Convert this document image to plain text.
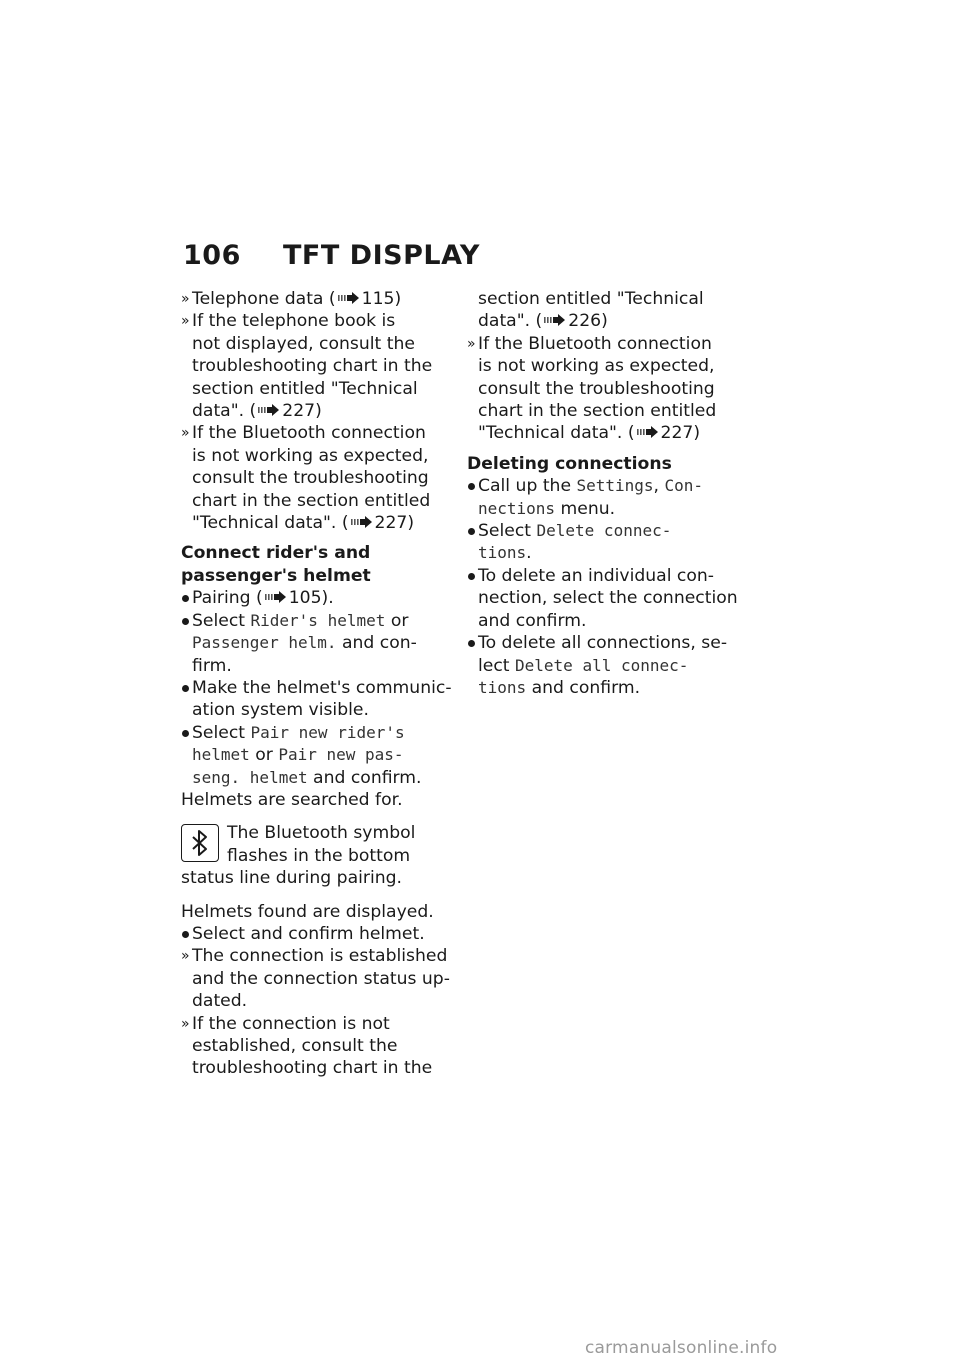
106	TFT DISPLAY
» Telephone data ( 115)
» If the telephone book is
not displayed, consult the
troubleshooting chart in the
section entitled "Technical
data". ( 227)
» If the Bluetooth connection
is not working as expected,
consult the troubleshooting
chart in the section entitled
"Technical data". ( 227)
Connect rider's and
passenger's helmet
Pairing ( 105).
Select Rider's helmet or
Passenger helm. and con-
firm.
Make the helmet's communic-
ation system visible.
Select Pair new rider's
helmet or Pair new pas-
seng. helmet and confirm.
Helmets are searched for.
The Bluetooth symbol
flashes in the bottom
status line during pairing.
Helmets found are displayed.
Select and confirm helmet.
» The connection is established
and the connection status up-
dated.
» If the connection is not
established, consult the
troubleshooting chart in the
section entitled "Technical
data". ( 226)
» If the Bluetooth connection
is not working as expected,
consult the troubleshooting
chart in the section entitled
"Technical data". ( 227)
Deleting connections
Call up the Settings, Con-
nections menu.
Select Delete connec-
tions.
To delete an individual con-
nection, select the connection
and confirm.
To delete all connections, se-
lect Delete all connec-
tions and confirm.
carmanualsonline.info
